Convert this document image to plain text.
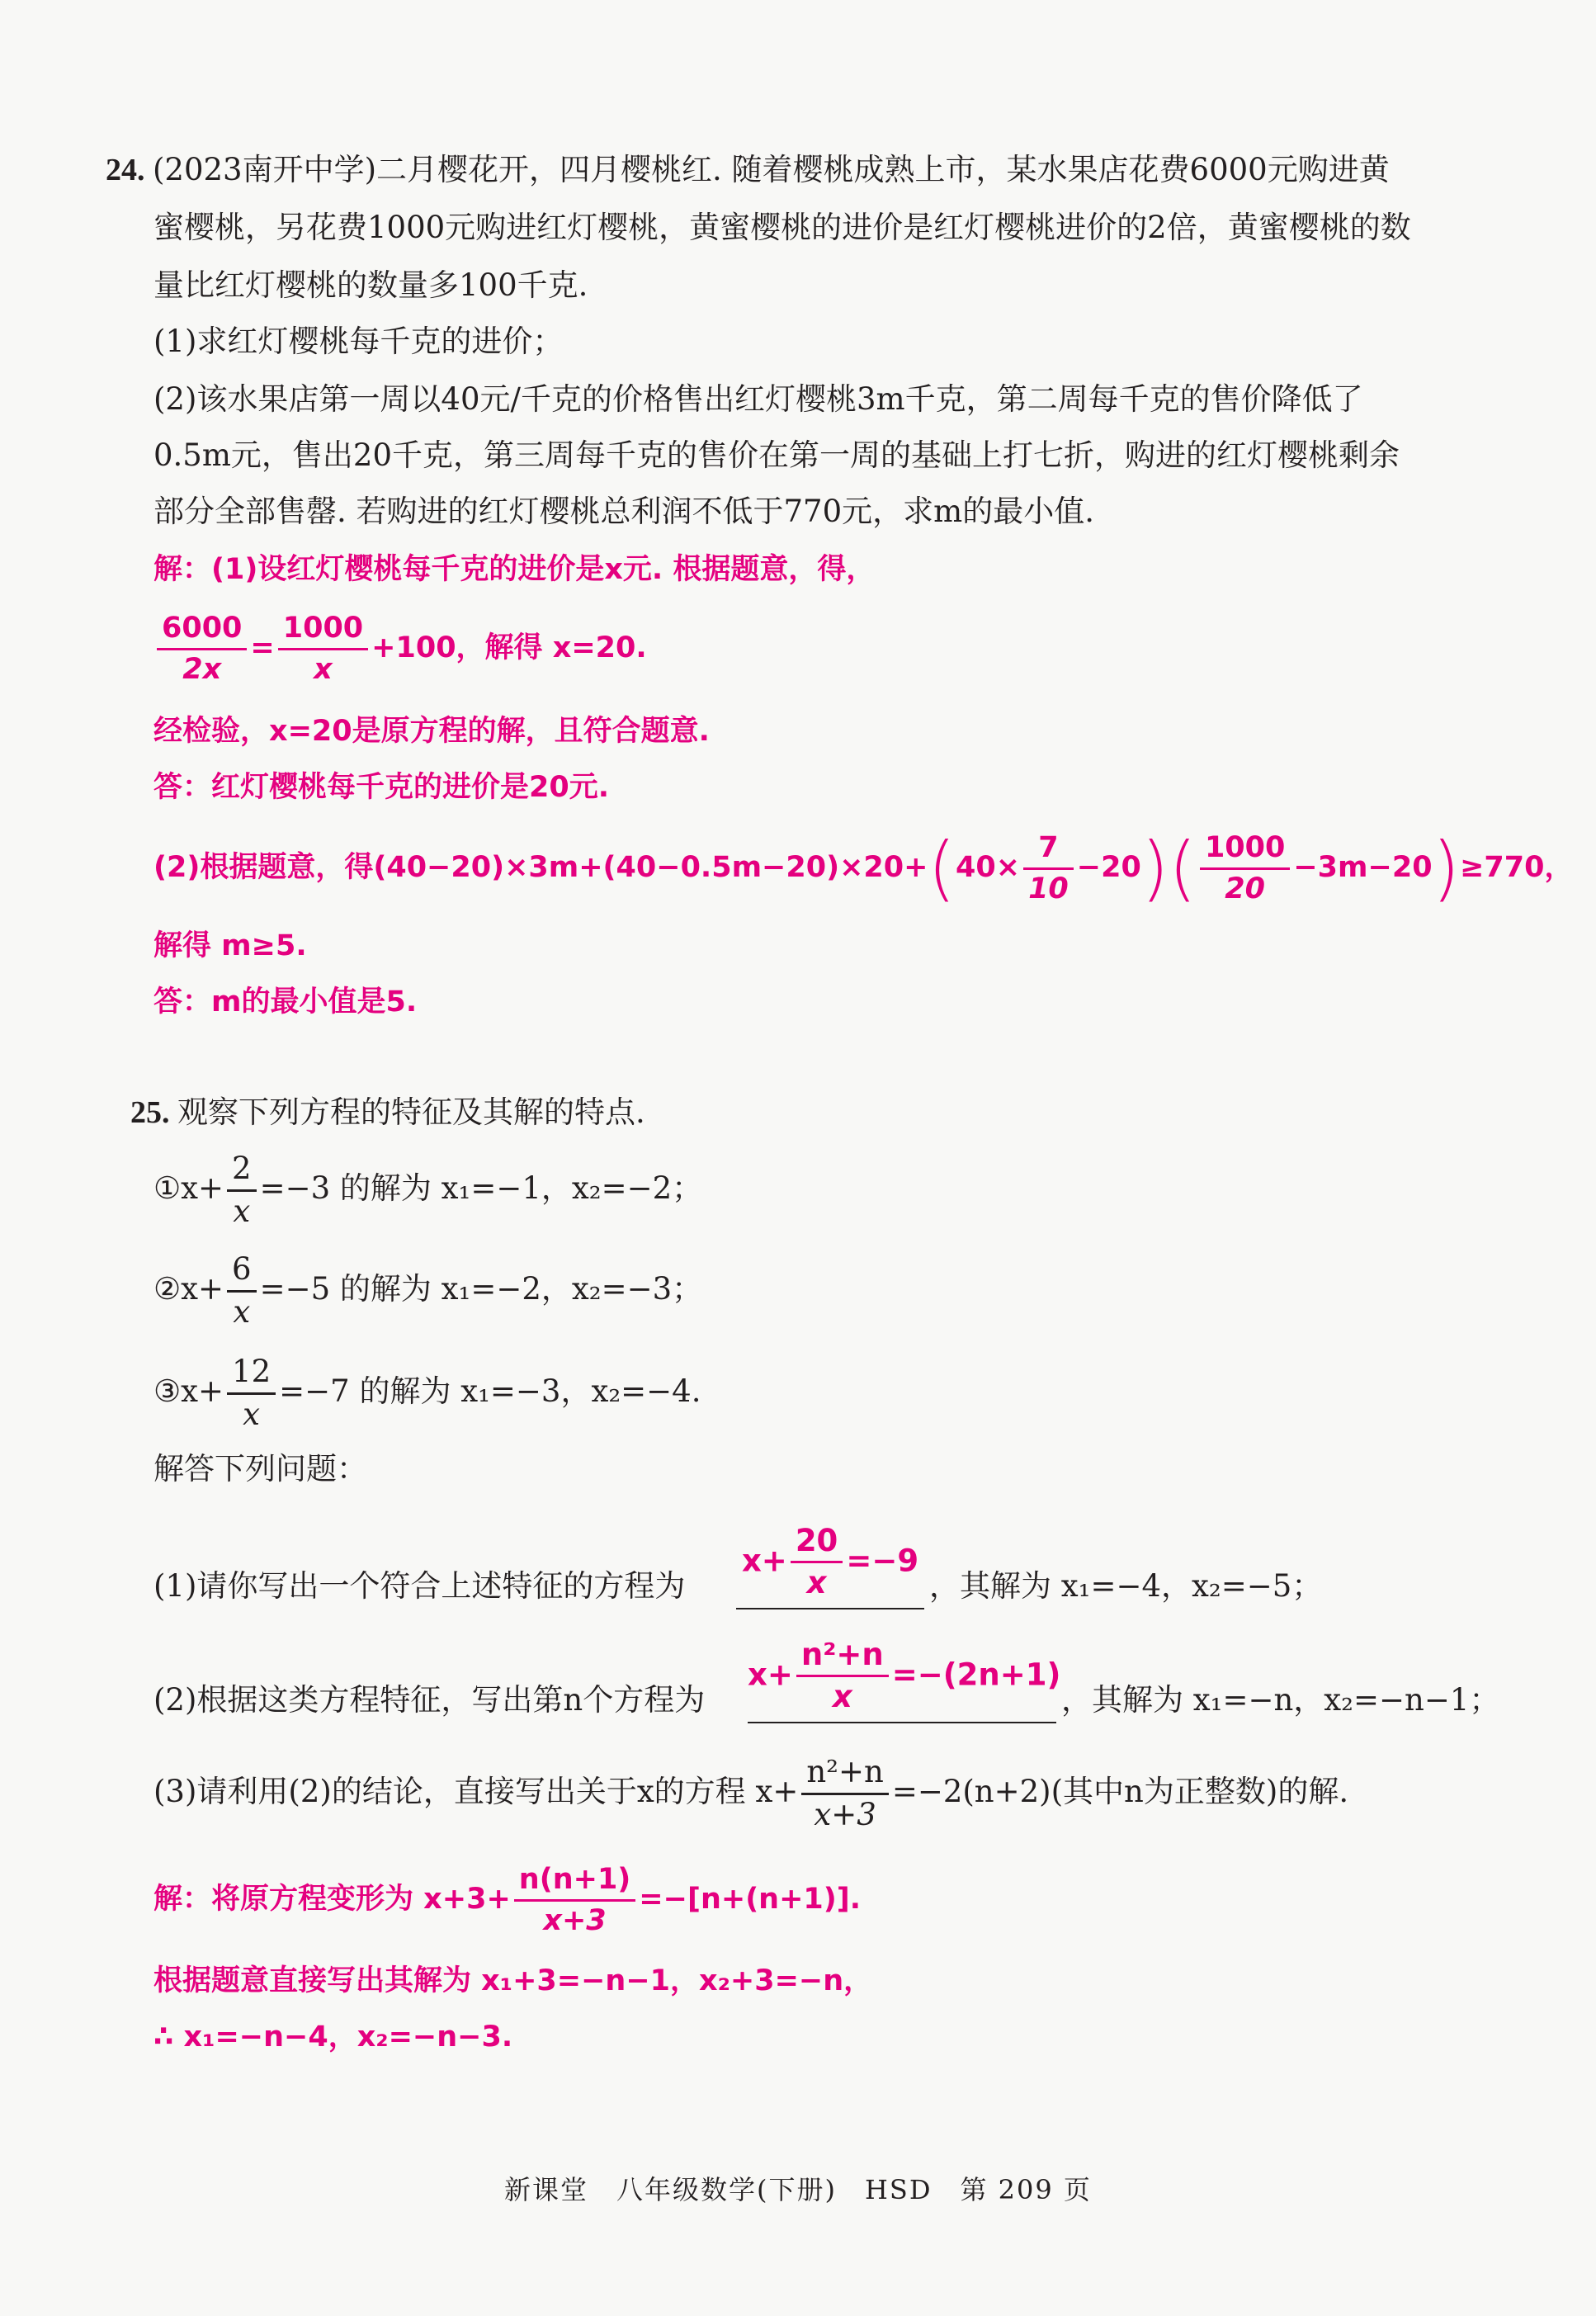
24. (2023南开中学)二月樱花开，四月樱桃红. 随着樱桃成熟上市，某水果店花费6000元购进黄
蜜樱桃，另花费1000元购进红灯樱桃，黄蜜樱桃的进价是红灯樱桃进价的2倍，黄蜜樱桃的数
量比红灯樱桃的数量多100千克.
(1)求红灯樱桃每千克的进价；
(2)该水果店第一周以40元/千克的价格售出红灯樱桃3m千克，第二周每千克的售价降低了
0.5m元，售出20千克，第三周每千克的售价在第一周的基础上打七折，购进的红灯樱桃剩余
部分全部售罄. 若购进的红灯樱桃总利润不低于770元，求m的最小值.
解：(1)设红灯樱桃每千克的进价是x元. 根据题意，得，
$\frac{6000}{2x} = \frac{1000}{x} +100$，解得 x=20.
经检验，x=20是原方程的解，且符合题意.
答：红灯樱桃每千克的进价是20元.
(2)根据题意，得$(40-20)\times 3m+(40-0.5m-20)\times 20+(40\times \frac{7}{10} -20)( \frac{1000}{20} -3m-20)\ge 770$，
解得 m≥5.
答：m的最小值是5.
25. 观察下列方程的特征及其解的特点.
①x+ $\frac{2}{x} =-3$ 的解为 x₁=−1，x₂=−2；
②x+ $\frac{6}{x} =-5$ 的解为 x₁=−2，x₂=−3；
③x+ $\frac{12}{x} =-7$ 的解为 x₁=−3，x₂=−4.
解答下列问题：
(1)请你写出一个符合上述特征的方程为
$x+ \frac{20}{x} =-9$
，其解为 x₁=−4，x₂=−5；
(2)根据这类方程特征，写出第n个方程为
$x+ \frac{\text{n²+n}}{x} =-(2n+1)$
，其解为 x₁=−n，x₂=−n−1；
(3)请利用(2)的结论，直接写出关于x的方程 $x+ \frac{\text{n²+n}}{x+3} =-2(n+2)$(其中n为正整数)的解.
解：将原方程变形为 $x+3+ \frac{n(n+1)}{x+3} =-[n+(n+1)]$.
根据题意直接写出其解为 x₁+3=−n−1，x₂+3=−n，
∴ x₁=−n−4，x₂=−n−3.
新课堂　八年级数学(下册)　HSD　第 209 页
